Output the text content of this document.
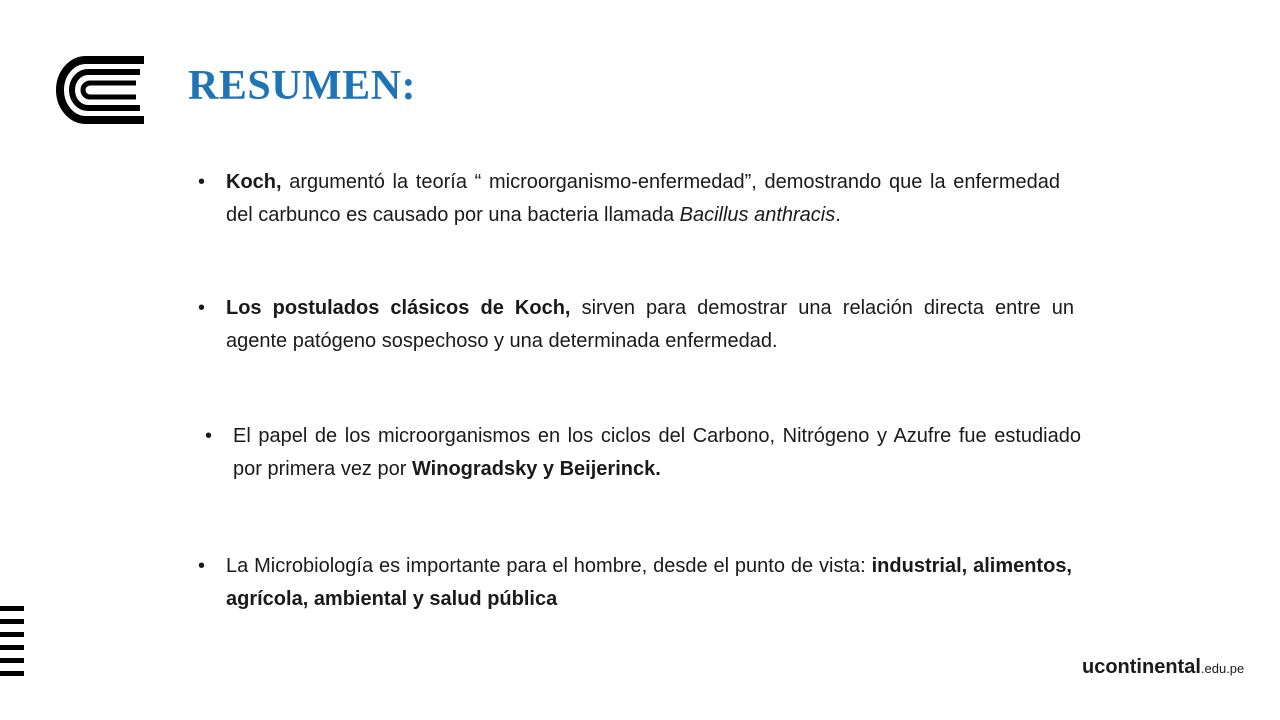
RESUMEN:
• Koch, argumentó la teoría “ microorganismo-enfermedad”, demostrando que la enfermedad del carbunco es causado por una bacteria llamada Bacillus anthracis.

• Los postulados clásicos de Koch, sirven para demostrar una relación directa entre un agente patógeno sospechoso y una determinada enfermedad.

• El papel de los microorganismos en los ciclos del Carbono, Nitrógeno y Azufre fue estudiado por primera vez por Winogradsky y Beijerinck.

• La Microbiología es importante para el hombre, desde el punto de vista: industrial, alimentos, agrícola, ambiental y salud pública

ucontinental.edu.pe
